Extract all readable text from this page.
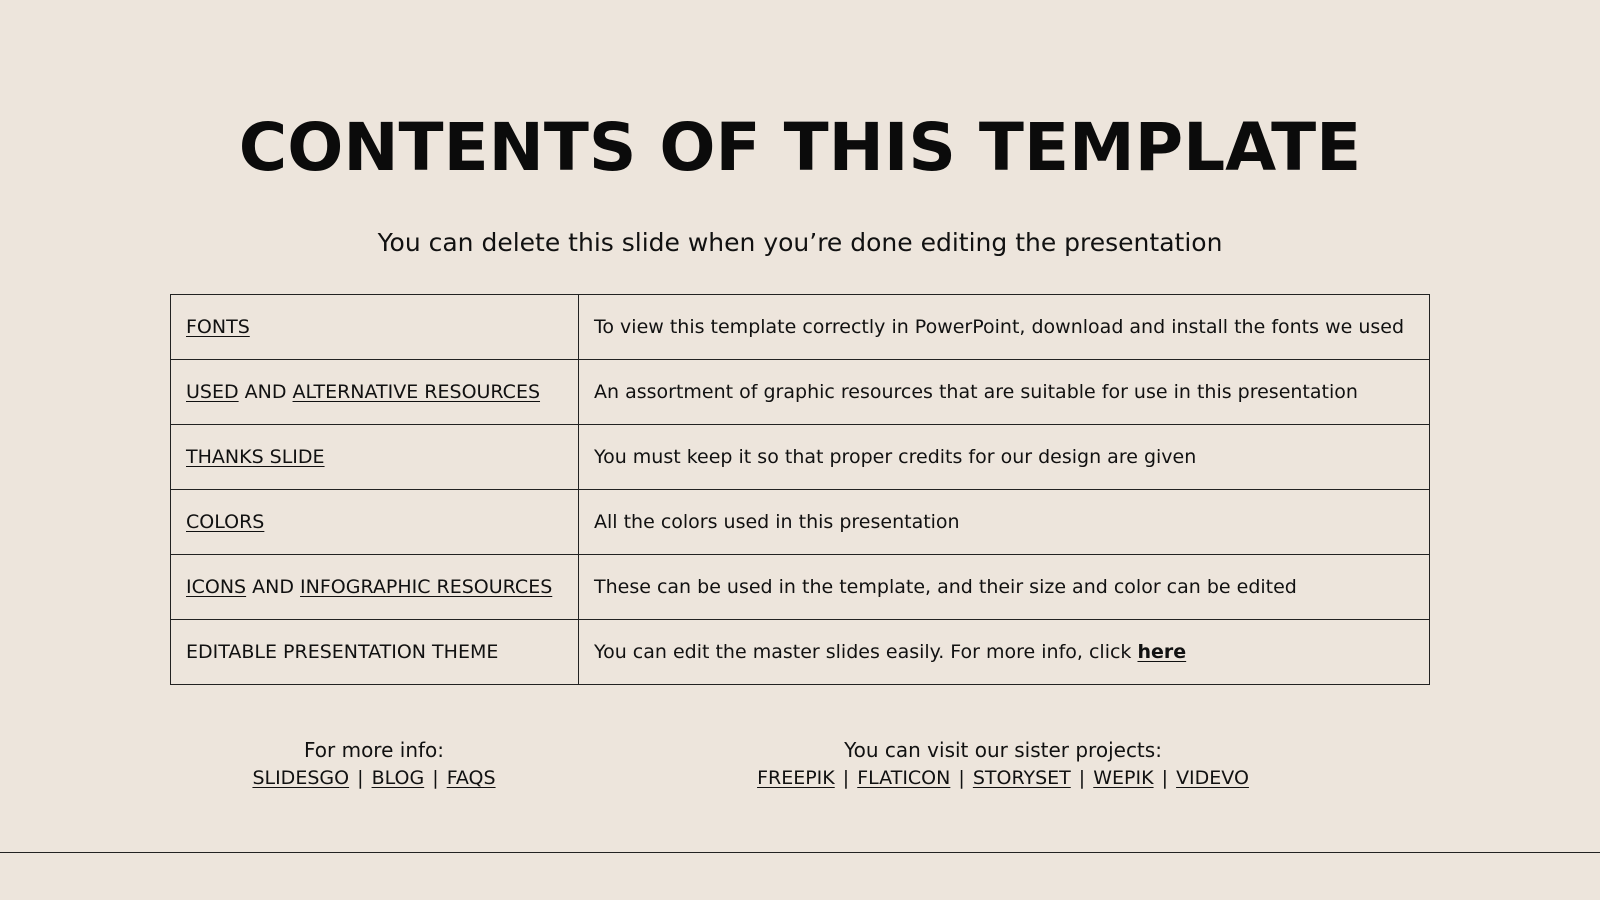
CONTENTS OF THIS TEMPLATE
You can delete this slide when you’re done editing the presentation
FONTS	To view this template correctly in PowerPoint, download and install the fonts we used
USED AND ALTERNATIVE RESOURCES	An assortment of graphic resources that are suitable for use in this presentation
THANKS SLIDE	You must keep it so that proper credits for our design are given
COLORS	All the colors used in this presentation
ICONS AND INFOGRAPHIC RESOURCES	These can be used in the template, and their size and color can be edited
EDITABLE PRESENTATION THEME	You can edit the master slides easily. For more info, click here
For more info:
SLIDESGO | BLOG | FAQS
You can visit our sister projects:
FREEPIK | FLATICON | STORYSET | WEPIK | VIDEVO
